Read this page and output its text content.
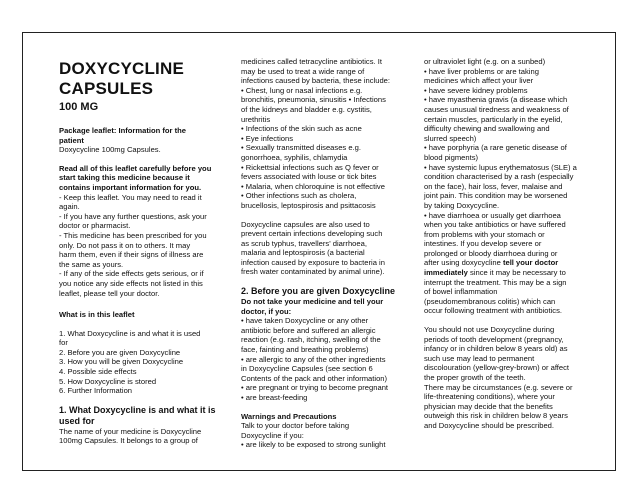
DOXYCYCLINE

CAPSULES

100 MG

Package leaflet: Information for the

patient

Doxycycline 100mg Capsules.

Read all of this leaflet carefully before you

start taking this medicine because it

contains important information for you.

- Keep this leaflet. You may need to read it

again.

- If you have any further questions, ask your

doctor or pharmacist.

- This medicine has been prescribed for you

only. Do not pass it on to others. It may

harm them, even if their signs of illness are

the same as yours.

- If any of the side effects gets serious, or if

you notice any side effects not listed in this

leaflet, please tell your doctor.

What is in this leaflet

1. What Doxycycline is and what it is used

for

2. Before you are given Doxycycline

3. How you will be given Doxycycline

4. Possible side effects

5. How Doxycycline is stored

6. Further Information

1. What Doxycycline is and what it is

used for

The name of your medicine is Doxycycline

100mg Capsules. It belongs to a group of

medicines called tetracycline antibiotics. It

may be used to treat a wide range of

infections caused by bacteria, these include:

• Chest, lung or nasal infections e.g.

bronchitis, pneumonia, sinusitis • Infections

of the kidneys and bladder e.g. cystitis,

urethritis

• Infections of the skin such as acne

• Eye infections

• Sexually transmitted diseases e.g.

gonorrhoea, syphilis, chlamydia

• Rickettsial infections such as Q fever or

fevers associated with louse or tick bites

• Malaria, when chloroquine is not effective

• Other infections such as cholera,

brucellosis, leptospirosis and psittacosis

Doxycycline capsules are also used to

prevent certain infections developing such

as scrub typhus, travellers' diarrhoea,

malaria and leptospirosis (a bacterial

infection caused by exposure to bacteria in

fresh water contaminated by animal urine).

2. Before you are given Doxycycline

Do not take your medicine and tell your

doctor, if you:

• have taken Doxycycline or any other

antibiotic before and suffered an allergic

reaction (e.g. rash, itching, swelling of the

face, fainting and breathing problems)

• are allergic to any of the other ingredients

in Doxycycline Capsules (see section 6

Contents of the pack and other information)

• are pregnant or trying to become pregnant

• are breast-feeding

Warnings and Precautions

Talk to your doctor before taking

Doxycycline if you:

• are likely to be exposed to strong sunlight

or ultraviolet light (e.g. on a sunbed)

• have liver problems or are taking

medicines which affect your liver

• have severe kidney problems

• have myasthenia gravis (a disease which

causes unusual tiredness and weakness of

certain muscles, particularly in the eyelid,

difficulty chewing and swallowing and

slurred speech)

• have porphyria (a rare genetic disease of

blood pigments)

• have systemic lupus erythematosus (SLE) a

condition characterised by a rash (especially

on the face), hair loss, fever, malaise and

joint pain. This condition may be worsened

by taking Doxycycline.

• have diarrhoea or usually get diarrhoea

when you take antibiotics or have suffered

from problems with your stomach or

intestines. If you develop severe or

prolonged or bloody diarrhoea during or

after using doxycycline tell your doctor

immediately since it may be necessary to

interrupt the treatment. This may be a sign

of bowel inflammation

(pseudomembranous colitis) which can

occur following treatment with antibiotics.

You should not use Doxycycline during

periods of tooth development (pregnancy,

infancy or in children below 8 years old) as

such use may lead to permanent

discolouration (yellow-grey-brown) or affect

the proper growth of the teeth.

There may be circumstances (e.g. severe or

life-threatening conditions), where your

physician may decide that the benefits

outweigh this risk in children below 8 years

and Doxycycline should be prescribed.
